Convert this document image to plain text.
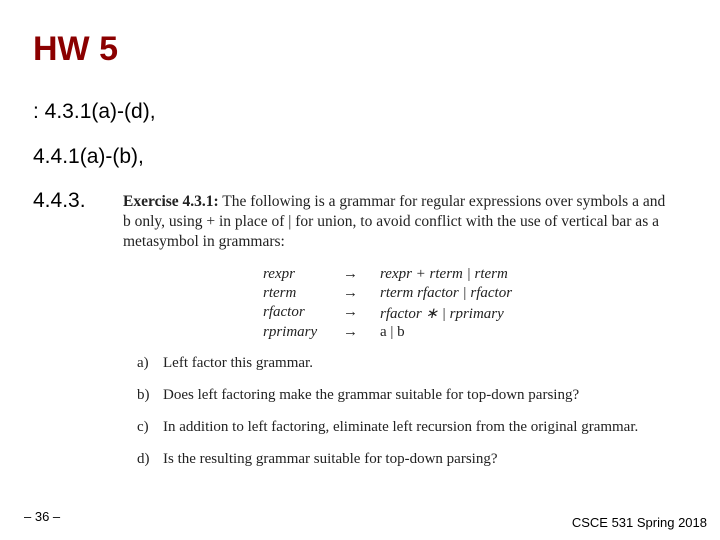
HW 5
: 4.3.1(a)-(d),
4.4.1(a)-(b),
4.4.3. Exercise 4.3.1: The following is a grammar for regular expressions over symbols a and b only, using + in place of | for union, to avoid conflict with the use of vertical bar as a metasymbol in grammars:

rexpr	→	rexpr + rterm | rterm
rterm	→	rterm rfactor | rfactor
rfactor	→	rfactor ∗ | rprimary
rprimary	→	a | b
a) Left factor this grammar.
b) Does left factoring make the grammar suitable for top-down parsing?
c) In addition to left factoring, eliminate left recursion from the original grammar.
d) Is the resulting grammar suitable for top-down parsing?
– 36 –	CSCE 531 Spring 2018
